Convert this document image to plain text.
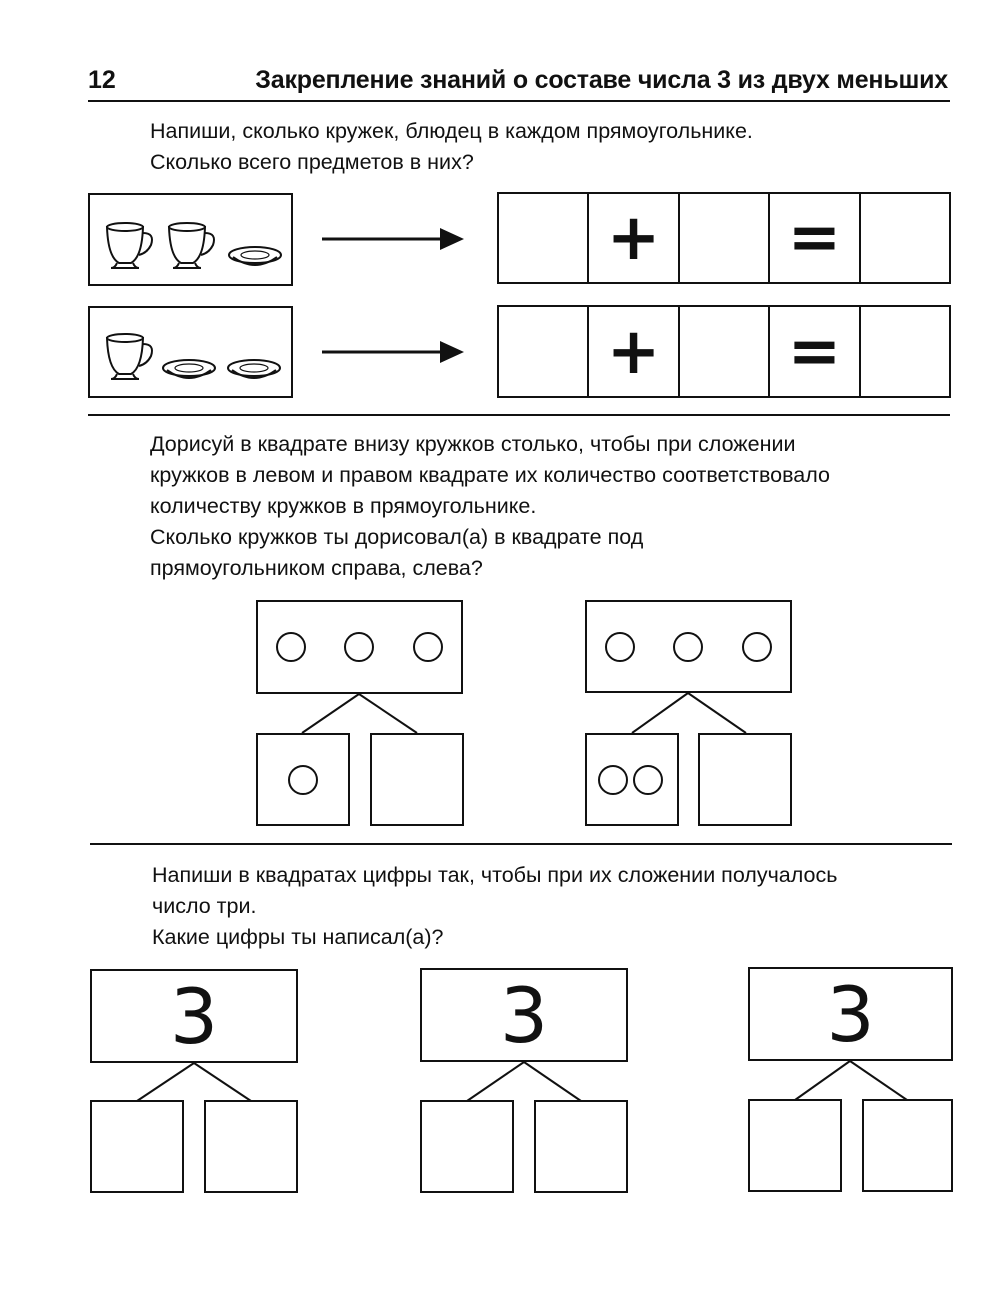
12	Закрепление знаний о составе числа 3 из двух меньших
Напиши, сколько кружек, блюдец в каждом прямоугольнике.
Сколько всего предметов в них?
+	=
+	=
Дорисуй в квадрате внизу кружков столько, чтобы при сложении
кружков в левом и правом квадрате их количество соответствовало
количеству кружков в прямоугольнике.
Сколько кружков ты дорисовал(а) в квадрате под
прямоугольником справа, слева?
Напиши в квадратах цифры так, чтобы при их сложении получалось
число три.
Какие цифры ты написал(а)?
3	3	3
